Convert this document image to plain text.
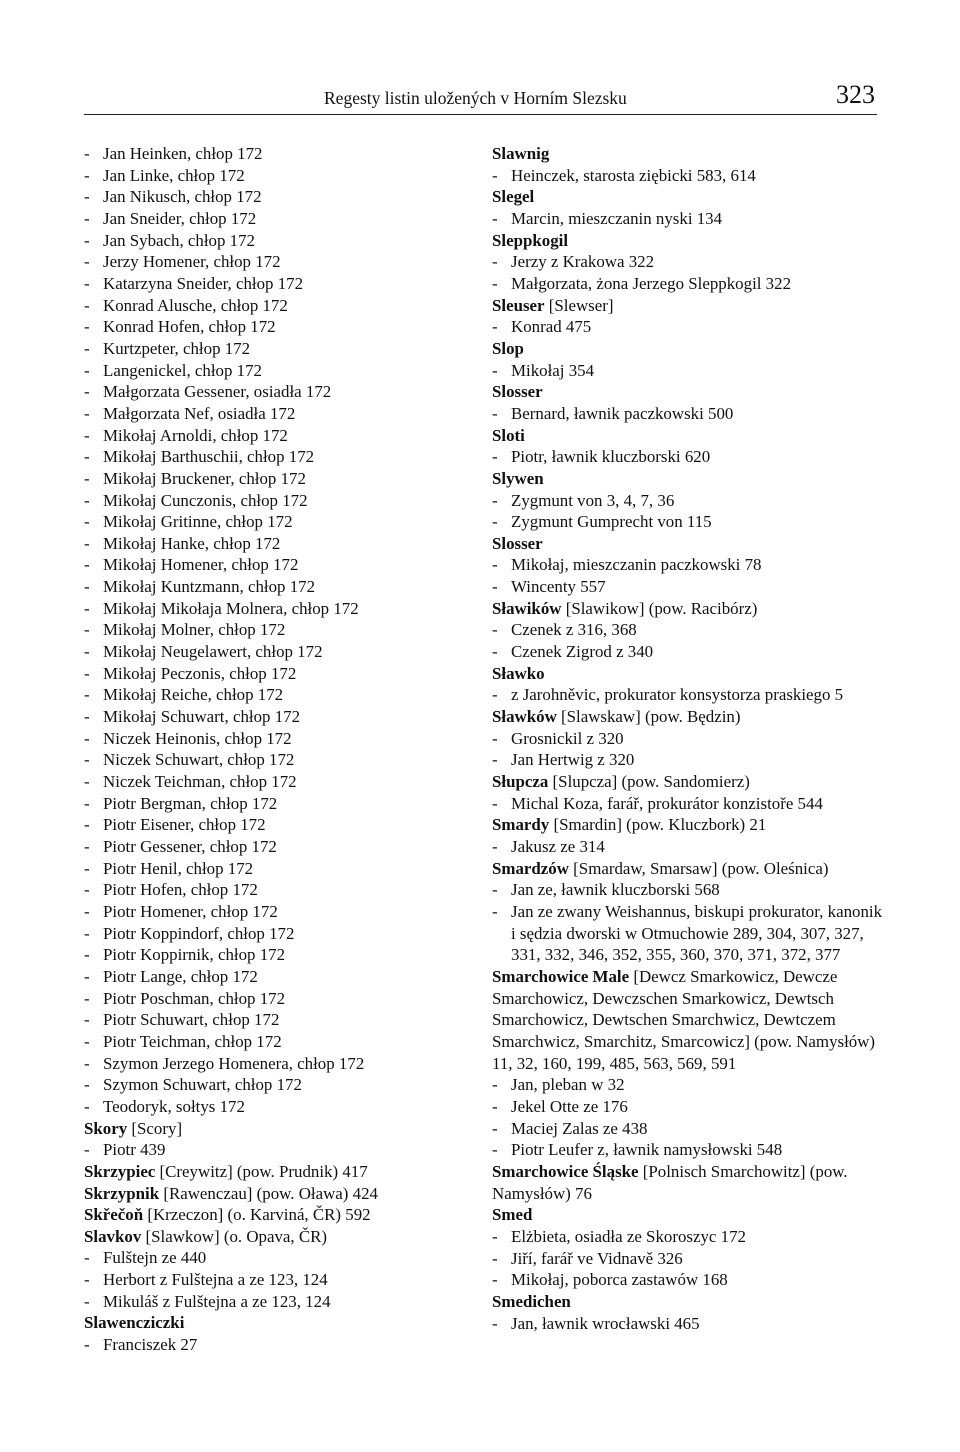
Regesty listin uložených v Horním Slezsku	323
- Jan Heinken, chłop 172
- Jan Linke, chłop 172
- Jan Nikusch, chłop 172
- Jan Sneider, chłop 172
- Jan Sybach, chłop 172
- Jerzy Homener, chłop 172
- Katarzyna Sneider, chłop 172
- Konrad Alusche, chłop 172
- Konrad Hofen, chłop 172
- Kurtzpeter, chłop 172
- Langenickel, chłop 172
- Małgorzata Gessener, osiadła 172
- Małgorzata Nef, osiadła 172
- Mikołaj Arnoldi, chłop 172
- Mikołaj Barthuschii, chłop 172
- Mikołaj Bruckener, chłop 172
- Mikołaj Cunczonis, chłop 172
- Mikołaj Gritinne, chłop 172
- Mikołaj Hanke, chłop 172
- Mikołaj Homener, chłop 172
- Mikołaj Kuntzmann, chłop 172
- Mikołaj Mikołaja Molnera, chłop 172
- Mikołaj Molner, chłop 172
- Mikołaj Neugelawert, chłop 172
- Mikołaj Peczonis, chłop 172
- Mikołaj Reiche, chłop 172
- Mikołaj Schuwart, chłop 172
- Niczek Heinonis, chłop 172
- Niczek Schuwart, chłop 172
- Niczek Teichman, chłop 172
- Piotr Bergman, chłop 172
- Piotr Eisener, chłop 172
- Piotr Gessener, chłop 172
- Piotr Henil, chłop 172
- Piotr Hofen, chłop 172
- Piotr Homener, chłop 172
- Piotr Koppindorf, chłop 172
- Piotr Koppirnik, chłop 172
- Piotr Lange, chłop 172
- Piotr Poschman, chłop 172
- Piotr Schuwart, chłop 172
- Piotr Teichman, chłop 172
- Szymon Jerzego Homenera, chłop 172
- Szymon Schuwart, chłop 172
- Teodoryk, sołtys 172
Skory [Scory]
- Piotr 439
Skrzypiec [Creywitz] (pow. Prudnik) 417
Skrzypnik [Rawenczau] (pow. Oława) 424
Skřečoň [Krzeczon] (o. Karviná, ČR) 592
Slavkov [Slawkow] (o. Opava, ČR)
- Fulštejn ze 440
- Herbort z Fulštejna a ze 123, 124
- Mikuláš z Fulštejna a ze 123, 124
Slawencziczki
- Franciszek 27
Slawnig
- Heinczek, starosta ziębicki 583, 614
Slegel
- Marcin, mieszczanin nyski 134
Sleppkogil
- Jerzy z Krakowa 322
- Małgorzata, żona Jerzego Sleppkogil 322
Sleuser [Slewser]
- Konrad 475
Slop
- Mikołaj 354
Slosser
- Bernard, ławnik paczkowski 500
Sloti
- Piotr, ławnik kluczborski 620
Slywen
- Zygmunt von 3, 4, 7, 36
- Zygmunt Gumprecht von 115
Slosser
- Mikołaj, mieszczanin paczkowski 78
- Wincenty 557
Sławików [Slawikow] (pow. Racibórz)
- Czenek z 316, 368
- Czenek Zigrod z 340
Sławko
- z Jarohněvic, prokurator konsystorza praskiego 5
Sławków [Slawskaw] (pow. Będzin)
- Grosnickil z 320
- Jan Hertwig z 320
Słupcza [Slupcza] (pow. Sandomierz)
- Michal Koza, farář, prokurátor konzistoře 544
Smardy [Smardin] (pow. Kluczbork) 21
- Jakusz ze 314
Smardzów [Smardaw, Smarsaw] (pow. Oleśnica)
- Jan ze, ławnik kluczborski 568
- Jan ze zwany Weishannus, biskupi prokurator, kanonik i sędzia dworski w Otmuchowie 289, 304, 307, 327, 331, 332, 346, 352, 355, 360, 370, 371, 372, 377
Smarchowice Male [Dewcz Smarkowicz, Dewcze Smarchowicz, Dewczschen Smarkowicz, Dewtsch Smarchowicz, Dewtschen Smarchwicz, Dewtczem Smarchwicz, Smarchitz, Smarcowicz] (pow. Namysłów) 11, 32, 160, 199, 485, 563, 569, 591
- Jan, pleban w 32
- Jekel Otte ze 176
- Maciej Zalas ze 438
- Piotr Leufer z, ławnik namysłowski 548
Smarchowice Śląske [Polnisch Smarchowitz] (pow. Namysłów) 76
Smed
- Elżbieta, osiadła ze Skoroszyc 172
- Jiří, farář ve Vidnavě 326
- Mikołaj, poborca zastawów 168
Smedichen
- Jan, ławnik wrocławski 465
